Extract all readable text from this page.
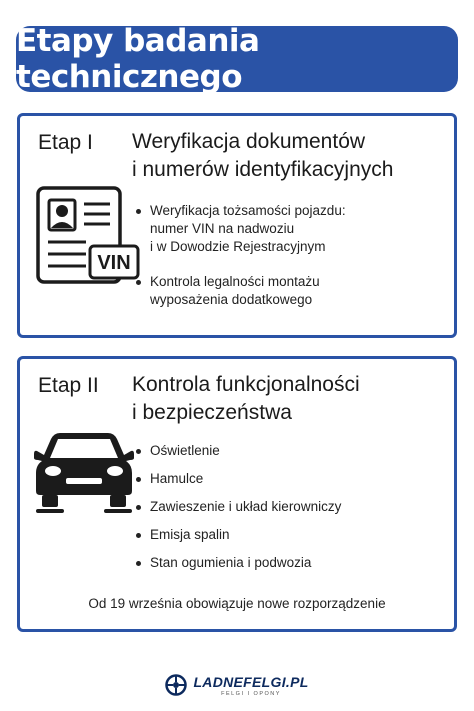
Etapy badania technicznego
Etap I Weryfikacja dokumentów
i numerów identyfikacyjnych
VIN
Weryfikacja tożsamości pojazdu:
numer VIN na nadwoziu
i w Dowodzie Rejestracyjnym
Kontrola legalności montażu
wyposażenia dodatkowego
Etap II Kontrola funkcjonalności
i bezpieczeństwa
Oświetlenie
Hamulce
Zawieszenie i układ kierowniczy
Emisja spalin
Stan ogumienia i podwozia
Od 19 września obowiązuje nowe rozporządzenie
LADNEFELGI.PL
FELGI I OPONY
